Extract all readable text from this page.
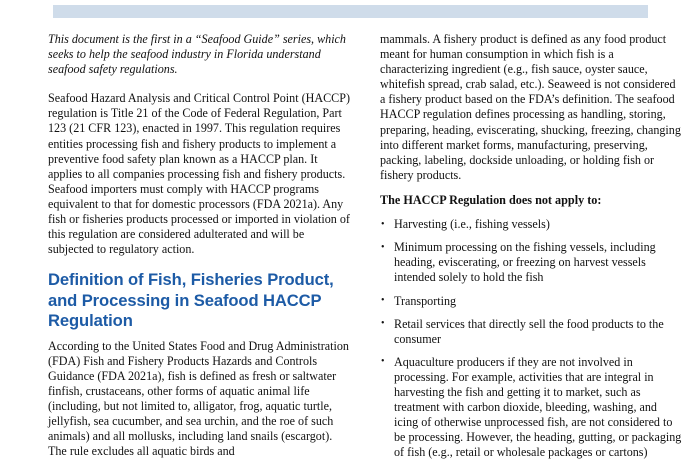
This document is the first in a “Seafood Guide” series, which seeks to help the seafood industry in Florida understand seafood safety regulations.

Seafood Hazard Analysis and Critical Control Point (HACCP) regulation is Title 21 of the Code of Federal Regulation, Part 123 (21 CFR 123), enacted in 1997. This regulation requires entities processing fish and fishery products to implement a preventive food safety plan known as a HACCP plan. It applies to all companies processing fish and fishery products. Seafood importers must comply with HACCP programs equivalent to that for domestic processors (FDA 2021a). Any fish or fisheries products processed or imported in violation of this regulation are considered adulterated and will be subjected to regulatory action.

Definition of Fish, Fisheries Product, and Processing in Seafood HACCP Regulation

According to the United States Food and Drug Administration (FDA) Fish and Fishery Products Hazards and Controls Guidance (FDA 2021a), fish is defined as fresh or saltwater finfish, crustaceans, other forms of aquatic animal life (including, but not limited to, alligator, frog, aquatic turtle, jellyfish, sea cucumber, and sea urchin, and the roe of such animals) and all mollusks, including land snails (escargot). The rule excludes all aquatic birds and

mammals. A fishery product is defined as any food product meant for human consumption in which fish is a characterizing ingredient (e.g., fish sauce, oyster sauce, whitefish spread, crab salad, etc.). Seaweed is not considered a fishery product based on the FDA’s definition. The seafood HACCP regulation defines processing as handling, storing, preparing, heading, eviscerating, shucking, freezing, changing into different market forms, manufacturing, preserving, packing, labeling, dockside unloading, or holding fish or fishery products.

The HACCP Regulation does not apply to:
• Harvesting (i.e., fishing vessels)
• Minimum processing on the fishing vessels, including heading, eviscerating, or freezing on harvest vessels intended solely to hold the fish
• Transporting
• Retail services that directly sell the food products to the consumer
• Aquaculture producers if they are not involved in processing. For example, activities that are integral in harvesting the fish and getting it to market, such as treatment with carbon dioxide, bleeding, washing, and icing of otherwise unprocessed fish, are not considered to be processing. However, the heading, gutting, or packaging of fish (e.g., retail or wholesale packages or cartons)
